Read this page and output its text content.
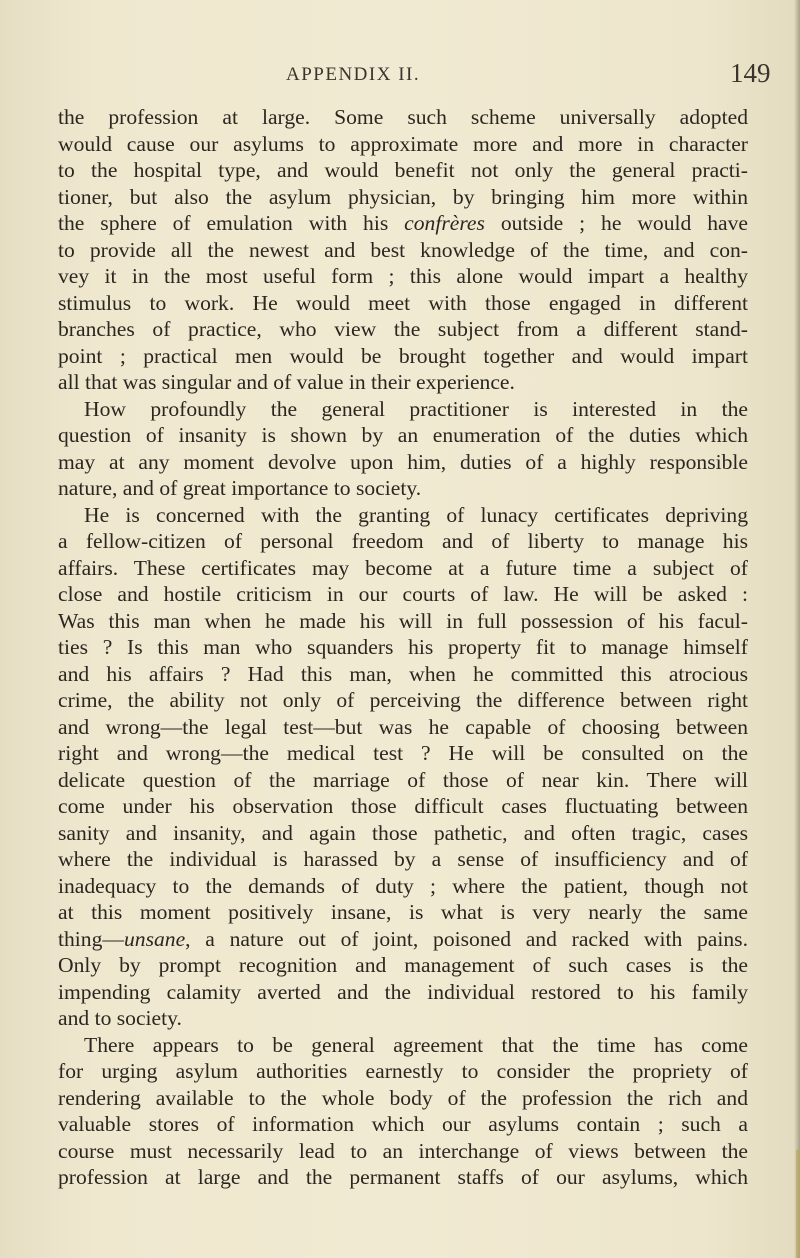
APPENDIX II.	149
the profession at large. Some such scheme universally adopted
would cause our asylums to approximate more and more in character
to the hospital type, and would benefit not only the general practi-
tioner, but also the asylum physician, by bringing him more within
the sphere of emulation with his confrères outside ; he would have
to provide all the newest and best knowledge of the time, and con-
vey it in the most useful form ; this alone would impart a healthy
stimulus to work. He would meet with those engaged in different
branches of practice, who view the subject from a different stand-
point ; practical men would be brought together and would impart
all that was singular and of value in their experience.
How profoundly the general practitioner is interested in the
question of insanity is shown by an enumeration of the duties which
may at any moment devolve upon him, duties of a highly responsible
nature, and of great importance to society.
He is concerned with the granting of lunacy certificates depriving
a fellow-citizen of personal freedom and of liberty to manage his
affairs. These certificates may become at a future time a subject of
close and hostile criticism in our courts of law. He will be asked :
Was this man when he made his will in full possession of his facul-
ties ? Is this man who squanders his property fit to manage himself
and his affairs ? Had this man, when he committed this atrocious
crime, the ability not only of perceiving the difference between right
and wrong—the legal test—but was he capable of choosing between
right and wrong—the medical test ? He will be consulted on the
delicate question of the marriage of those of near kin. There will
come under his observation those difficult cases fluctuating between
sanity and insanity, and again those pathetic, and often tragic, cases
where the individual is harassed by a sense of insufficiency and of
inadequacy to the demands of duty ; where the patient, though not
at this moment positively insane, is what is very nearly the same
thing—unsane, a nature out of joint, poisoned and racked with pains.
Only by prompt recognition and management of such cases is the
impending calamity averted and the individual restored to his family
and to society.
There appears to be general agreement that the time has come
for urging asylum authorities earnestly to consider the propriety of
rendering available to the whole body of the profession the rich and
valuable stores of information which our asylums contain ; such a
course must necessarily lead to an interchange of views between the
profession at large and the permanent staffs of our asylums, which
